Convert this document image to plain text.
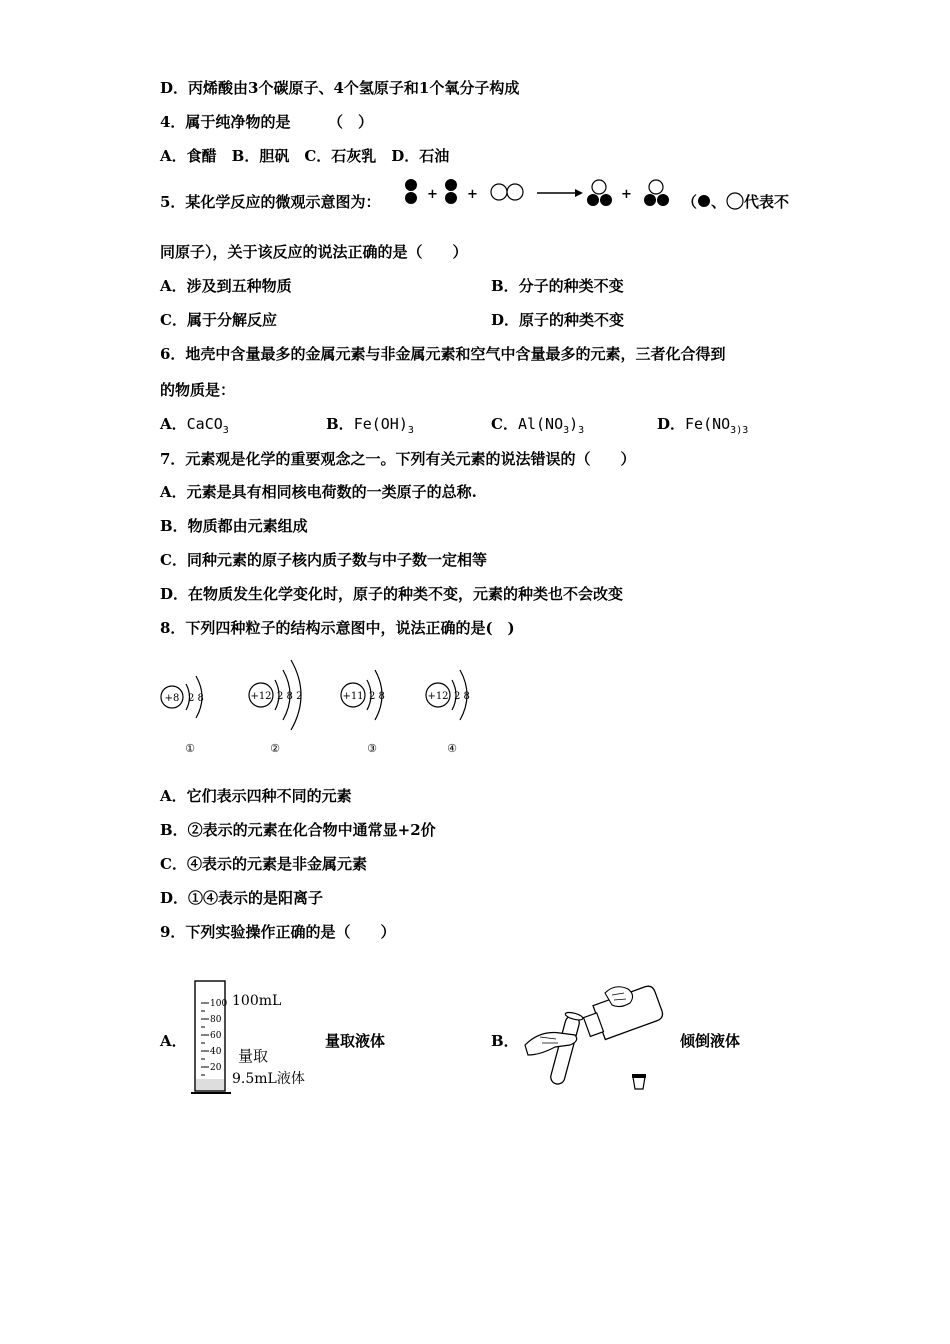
D．丙烯酸由3个碳原子、4个氢原子和1个氧分子构成
4．属于纯净物的是　　　（　）
A．食醋　B．胆矾　C．石灰乳　D．石油
5．某化学反应的微观示意图为：	+ +	+	（ 、 代表不
同原子），关于该反应的说法正确的是（　　）
A．涉及到五种物质	B．分子的种类不变
C．属于分解反应	D．原子的种类不变
6．地壳中含量最多的金属元素与非金属元素和空气中含量最多的元素，三者化合得到
的物质是：
A．CaCO$_3$	B．$Fe(OH)_3$	C．$Al(NO_3)_3$	D．$Fe(NO_{3)3}$
7．元素观是化学的重要观念之一。下列有关元素的说法错误的（　　）
A．元素是具有相同核电荷数的一类原子的总称.
B．物质都由元素组成
C．同种元素的原子核内质子数与中子数一定相等
D．在物质发生化学变化时，原子的种类不变，元素的种类也不会改变
8．下列四种粒子的结构示意图中，说法正确的是(　)
+8 2 8
①
+12 2 8 2
②
+11 2 8
③
+12 2 8
④
A．它们表示四种不同的元素
B．②表示的元素在化合物中通常显+2价
C．④表示的元素是非金属元素
D．①④表示的是阳离子
9．下列实验操作正确的是（　　）
A．
100
80
60
40
20
100mL
量取
9.5mL液体
量取液体	B．	倾倒液体
